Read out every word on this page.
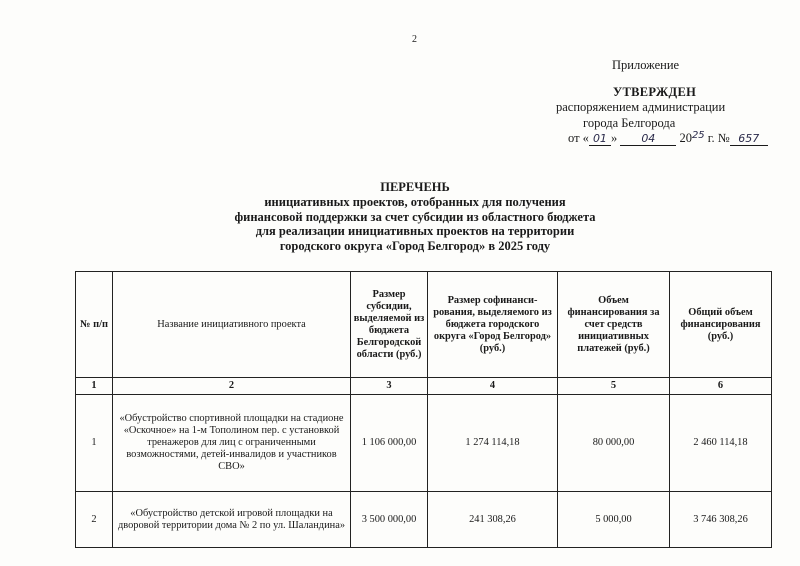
2
Приложение
УТВЕРЖДЕН
распоряжением администрации
города Белгорода
от « 01 » 04 $20^{25}$ г. № 657
ПЕРЕЧЕНЬ
инициативных проектов, отобранных для получения
финансовой поддержки за счет субсидии из областного бюджета
для реализации инициативных проектов на территории
городского округа «Город Белгород» в 2025 году
№ п/п	Название инициативного проекта	Размер субсидии, выделяемой из бюджета Белгородской области (руб.)	Размер софинанси-рования, выделяемого из бюджета городского округа «Город Белгород» (руб.)	Объем финансирования за счет средств инициативных платежей (руб.)	Общий объем финансирования (руб.)
1	2	3	4	5	6
1	«Обустройство спортивной площадки на стадионе «Оскочное» на 1-м Тополином пер. с установкой тренажеров для лиц с ограниченными возможностями, детей-инвалидов и участников СВО»	1 106 000,00	1 274 114,18	80 000,00	2 460 114,18
2	«Обустройство детской игровой площадки на дворовой территории дома № 2 по ул. Шаландина»	3 500 000,00	241 308,26	5 000,00	3 746 308,26
